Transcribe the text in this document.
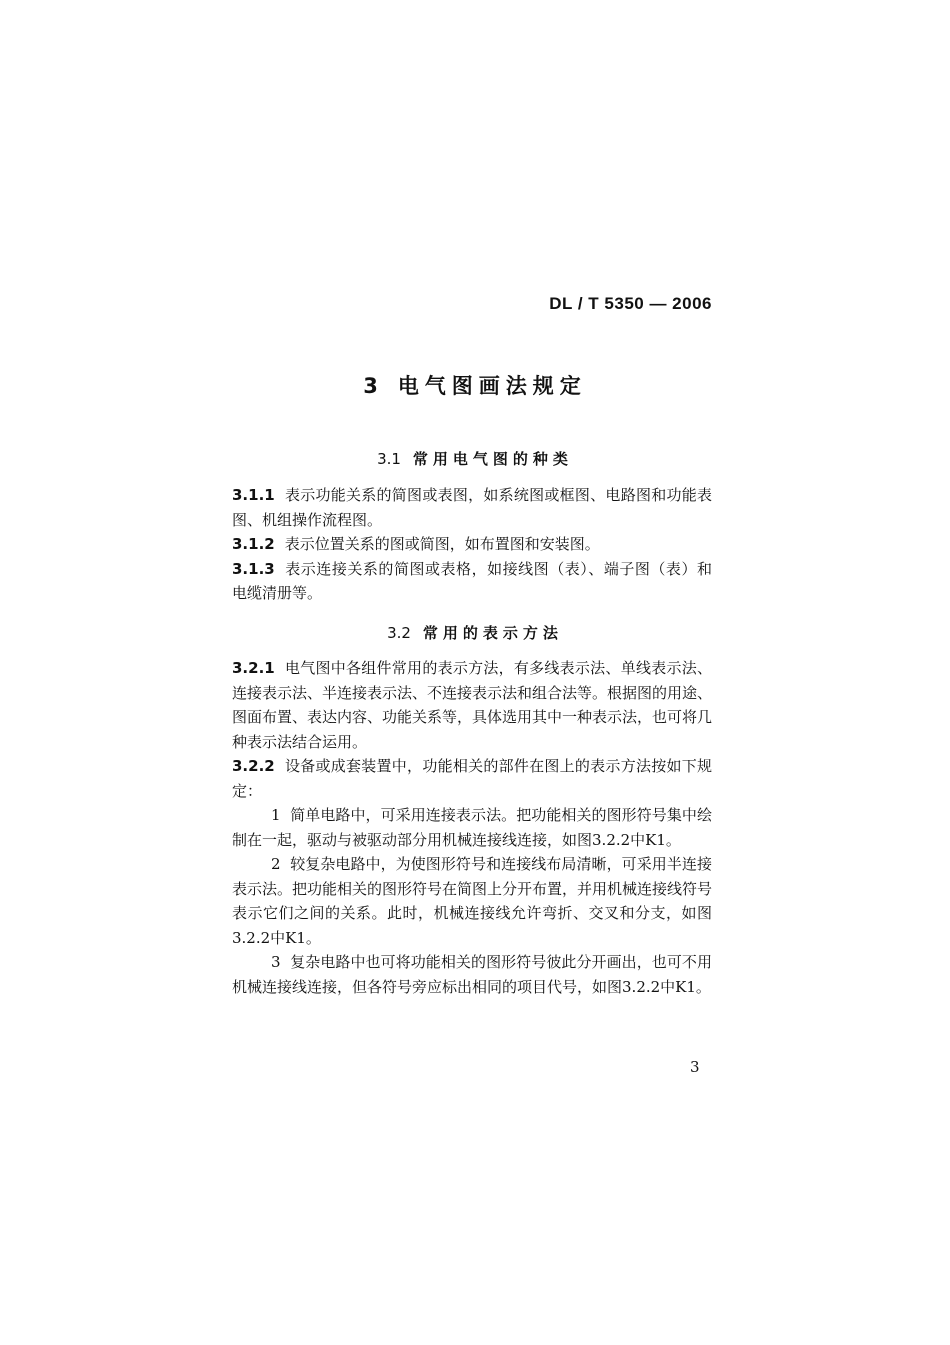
DL / T 5350 — 2006
3 电气图画法规定
3.1 常用电气图的种类

3.1.1 表示功能关系的简图或表图，如系统图或框图、电路图和功能表图、机组操作流程图。

3.1.2 表示位置关系的图或简图，如布置图和安装图。

3.1.3 表示连接关系的简图或表格，如接线图（表）、端子图（表）和电缆清册等。

3.2 常用的表示方法

3.2.1 电气图中各组件常用的表示方法，有多线表示法、单线表示法、连接表示法、半连接表示法、不连接表示法和组合法等。根据图的用途、图面布置、表达内容、功能关系等，具体选用其中一种表示法，也可将几种表示法结合运用。

3.2.2 设备或成套装置中，功能相关的部件在图上的表示方法按如下规定：

1 简单电路中，可采用连接表示法。把功能相关的图形符号集中绘制在一起，驱动与被驱动部分用机械连接线连接，如图3.2.2中K1。

2 较复杂电路中，为使图形符号和连接线布局清晰，可采用半连接表示法。把功能相关的图形符号在简图上分开布置，并用机械连接线符号表示它们之间的关系。此时，机械连接线允许弯折、交叉和分支，如图3.2.2中K1。

3 复杂电路中也可将功能相关的图形符号彼此分开画出，也可不用机械连接线连接，但各符号旁应标出相同的项目代号，如图3.2.2中K1。

3
